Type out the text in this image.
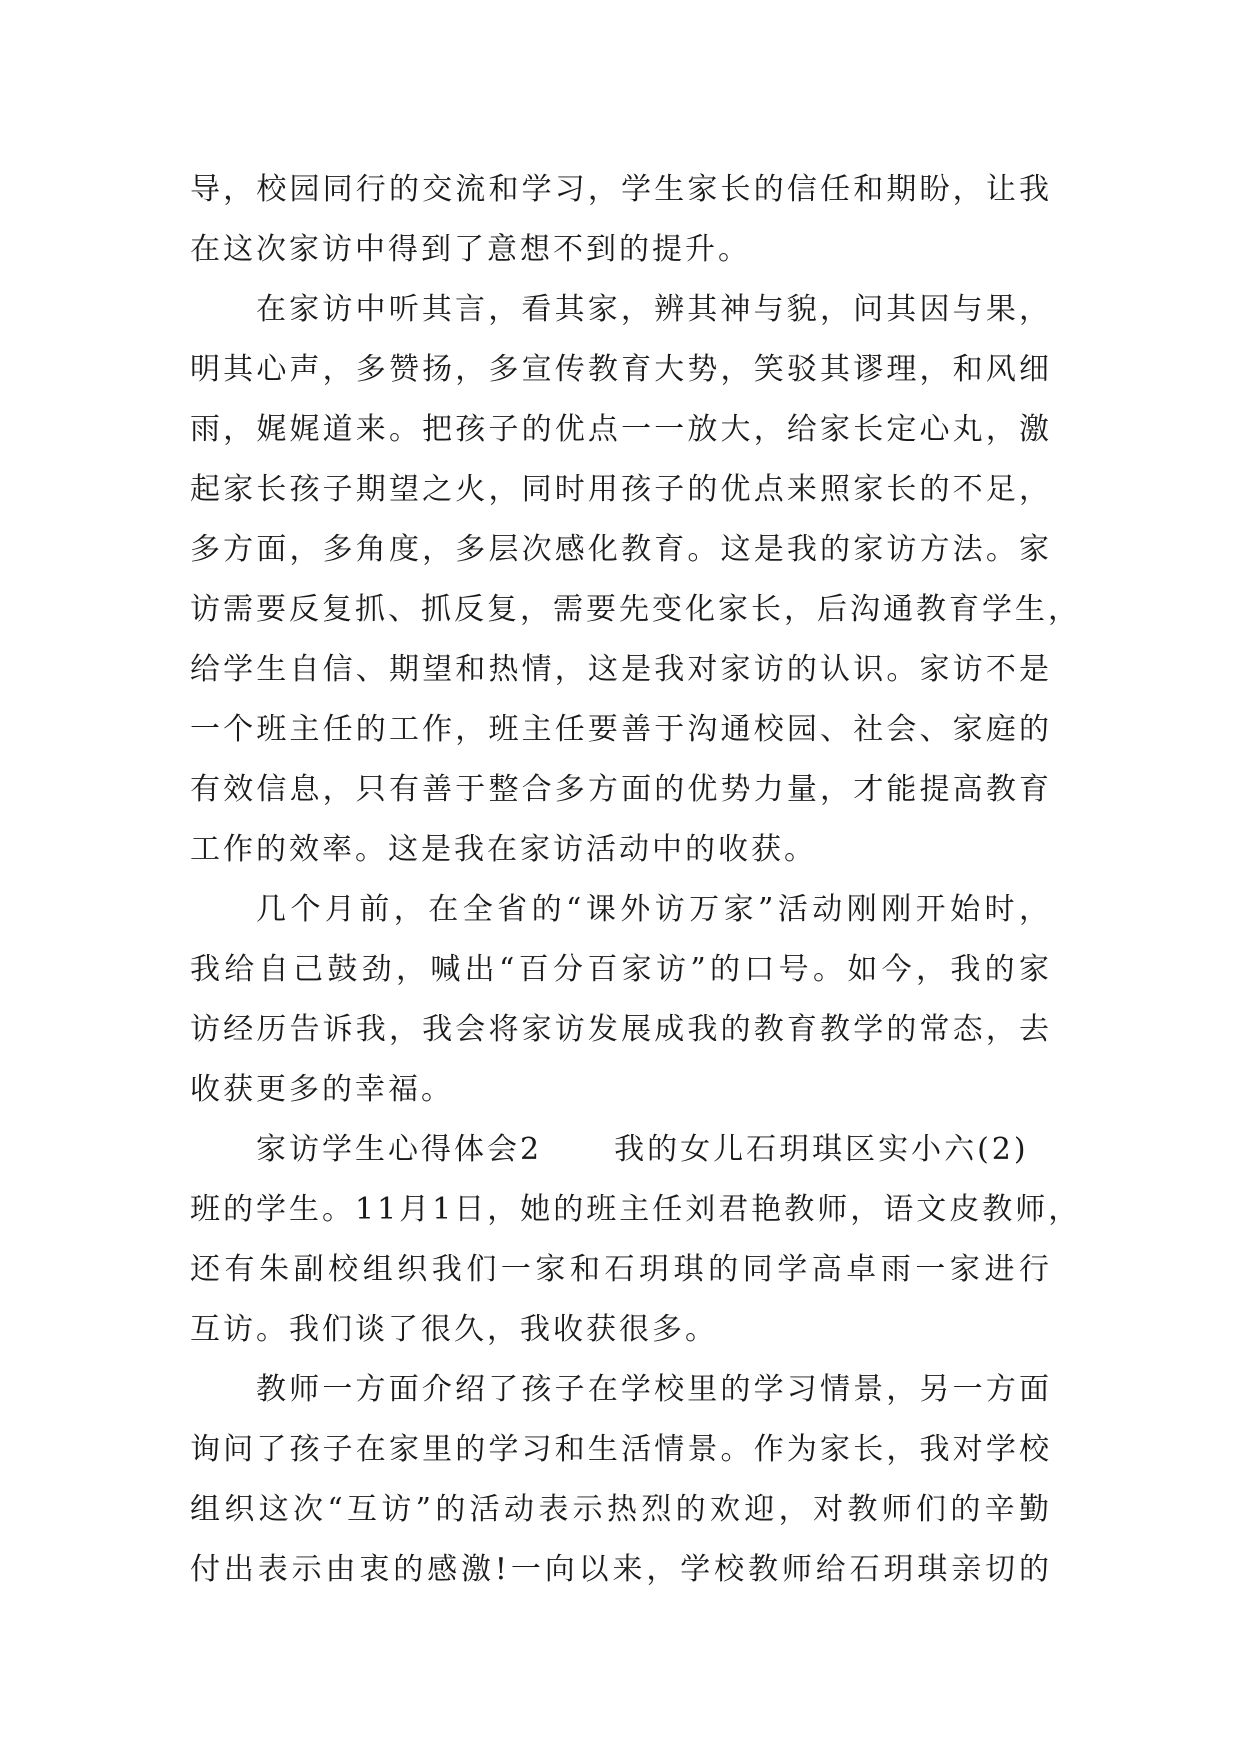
导，校园同行的交流和学习，学生家长的信任和期盼，让我
在这次家访中得到了意想不到的提升。
在家访中听其言，看其家，辨其神与貌，问其因与果，
明其心声，多赞扬，多宣传教育大势，笑驳其谬理，和风细
雨，娓娓道来。把孩子的优点一一放大，给家长定心丸，激
起家长孩子期望之火，同时用孩子的优点来照家长的不足，
多方面，多角度，多层次感化教育。这是我的家访方法。家
访需要反复抓、抓反复，需要先变化家长，后沟通教育学生，
给学生自信、期望和热情，这是我对家访的认识。家访不是
一个班主任的工作，班主任要善于沟通校园、社会、家庭的
有效信息，只有善于整合多方面的优势力量，才能提高教育
工作的效率。这是我在家访活动中的收获。
几个月前，在全省的“课外访万家”活动刚刚开始时，
我给自己鼓劲，喊出“百分百家访”的口号。如今，我的家
访经历告诉我，我会将家访发展成我的教育教学的常态，去
收获更多的幸福。
家访学生心得体会2 我的女儿石玥琪区实小六(2)
班的学生。11月1日，她的班主任刘君艳教师，语文皮教师，
还有朱副校组织我们一家和石玥琪的同学高卓雨一家进行
互访。我们谈了很久，我收获很多。
教师一方面介绍了孩子在学校里的学习情景，另一方面
询问了孩子在家里的学习和生活情景。作为家长，我对学校
组织这次“互访”的活动表示热烈的欢迎，对教师们的辛勤
付出表示由衷的感激!一向以来，学校教师给石玥琪亲切的
